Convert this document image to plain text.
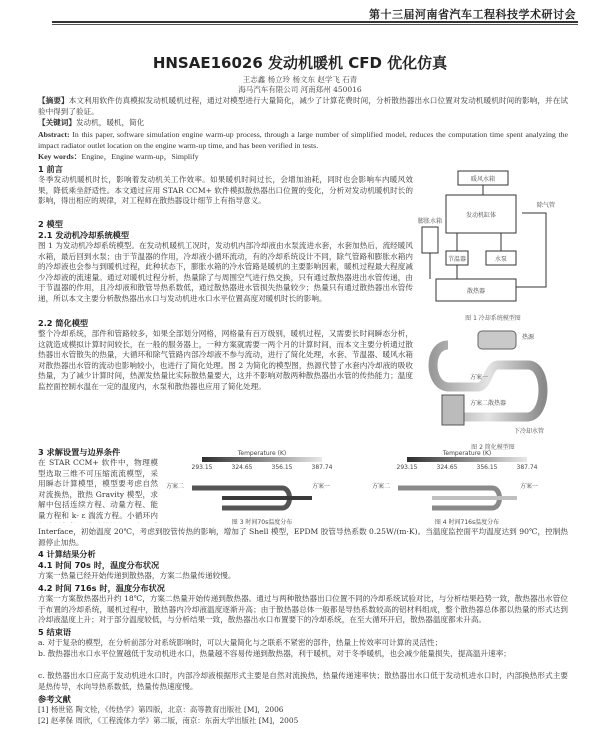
第十三届河南省汽车工程科技学术研讨会
HNSAE16026 发动机暖机 CFD 优化仿真
王志鑫 杨立玲 杨文东 赵学飞 石青
海马汽车有限公司 河南郑州 450016
【摘要】本文利用软件仿真模拟发动机暖机过程，通过对模型进行大量简化，减少了计算花费时间，分析散热器出水口位置对发动机暖机时间的影响，并在试验中得到了验证。
【关键词】发动机，暖机，简化
Abstract: In this paper, software simulation engine warm-up process, through a large number of simplified model, reduces the computation time spent analyzing the impact radiator outlet location on the engine warm-up time, and has been verified in tests.
Key words：Engine，Engine warm-up，Simplify
1 前言
冬季发动机暖机时长，影响着发动机关工作效率。如果暖机时间过长，会增加油耗，同时也会影响车内暖风效果，降低乘坐舒适性。本文通过应用 STAR CCM+ 软件模拟散热器出口位置的变化，分析对发动机暖机时长的影响，得出相应的规律，对工程师在散热器设计细节上有指导意义。
2 模型
2.1 发动机冷却系统模型
图 1 为发动机冷却系统模型。在发动机暖机工况时，发动机内部冷却液由水泵流进水套，水套加热后，流经暖风水箱，最后回到水泵；由于节温器的作用，冷却液小循环流动，有的冷却系统设计不同，除气管路和膨胀水箱内的冷却液也会参与到暖机过程，此种状态下，膨胀水箱的冷水管路是暖机的主要影响因素，暖机过程最大程度减少冷却液的流速量。通过对暖机过程分析，热量除了与周围空气进行热交换，只有通过散热器进出水管传递，由于节温器的作用，且冷却液和散管导热系数低，通过散热器进水管损失热量较少；热量只有通过散热器出水管传递，所以本文主要分析散热器出水口与发动机进水口水平位置高度对暖机时长的影响。
2.2 简化模型
整个冷却系统，部件和管路较多，如果全部划分网格，网格量有百万级别，暖机过程，又需要长时间瞬态分析，这就造成模拟计算时间较长，在一般的服务器上，一种方案就需要一两个月的计算时间，而本文主要分析通过散热器出水管散失的热量，大循环和除气管路内部冷却液不参与流动，进行了简化处理，水套、节温器、暖风水箱对散热器出水管的流动也影响较小，也进行了简化处理。图 2 为简化的模型图，热源代替了水套内冷却液的吸收热量，为了减少计算时间，热源发热量比实际散热量要大，这并不影响对散两种散热器出水管的传热能力；温度监控面控制水温在一定的温度内，水泵和散热器也应用了简化处理。
3 求解设置与边界条件
在 STAR CCM+ 软件中，物理模型选取三维不可压缩流流模型，采用瞬态计算模型，模型要考虑自然对流换热，散热 Gravity 模型，求解中包括连续方程、动量方程、能量方程和 k- ε 湍流方程。小循环内
Interface，初始温度 20℃，考虑到胶管传热的影响，增加了 Shell 模型，EPDM 胶管导热系数 0.25W/(m·K)。当温度监控面平均温度达到 90℃，控制热源停止加热。
4 计算结果分析
4.1 时间 70s 时，温度分布状况
方案一热量已经开始传递到散热器，方案二热量传递较慢。
4.2 时间 716s 时，温度分布状况
方案一方案散热器出升约 18℃，方案二热量开始传递到散热器。通过与两种散热器出口位置不同的冷却系统试验对比，与分析结果趋势一致，散热器出水管位于布置的冷却系统，暖机过程中，散热器内冷却液温度逐渐升高；由于散热器总体一般都是导热系数较高的铝材料组成，整个散热器总体都以热量的形式达到冷却液温度上升；对于部分温度较低，与分析结果一致，散热器出水口布置要下的冷却系统，在至大循环开启，散热器温度都未升高。
5 结束语
a. 对于复杂的模型，在分析前部分对系统影响时，可以大量简化与之联系不紧密的部件，热量上传效率可计算的灵活性；
b. 散热器出水口水平位置越低于发动机进水口，热量越不容易传递到散热器，利于暖机，对于冬季暖机，也会减少能量损失，提高温升速率；
c. 散热器出水口应高于发动机进水口时，内部冷却液根据形式主要是自然对流换热，热量传递速率快；散热器出水口低于发动机进水口时，内部换热形式主要是热传导，水向导热系数低，热量传热速度慢。
参考文献
[1] 杨世铭 陶文铨，《传热学》第四版，北京：高等教育出版社 [M]，2006
[2] 赵孝保 周欣，《工程流体力学》第二版，南京：东南大学出版社 [M]，2005
暖风水箱
发动机缸体
节温器	水泵
散热器
除气管
膨胀水箱
图 1 冷却系统模型图
热源
方案二散热器
方案一
下冷却水管
图 2 简化模型图
Temperature (K)
293.15	324.65	356.15	387.74
方案二	方案一
Temperature (K)
293.15	324.65	356.15	387.74
方案二	方案一
图 3 时间70s温度分布	图 4 时间716s温度分布
